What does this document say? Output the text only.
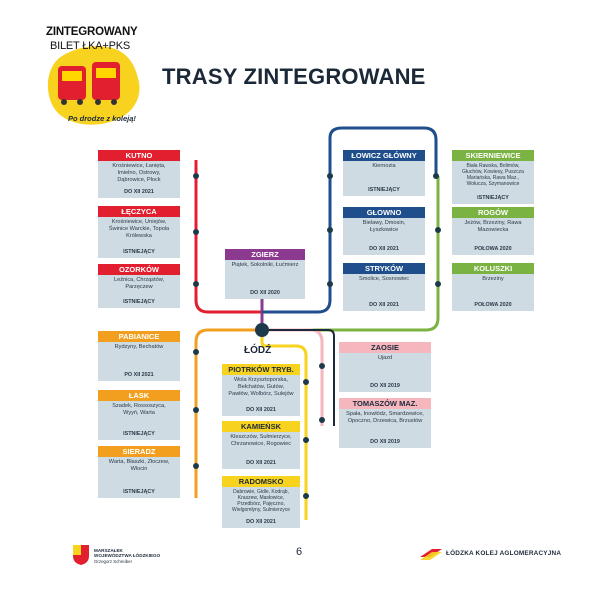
ZINTEGROWANY
BILET ŁKA+PKS
Po drodze z koleją!
TRASY ZINTEGROWANE
ŁÓDŹ
KUTNO
Krośniewice, Łanięta, Imielno, Ostrowy, Dąbrowice, Płock
DO XII 2021
ŁĘCZYCA
Krośniewice, Uniejów, Świnice Warckie, Topola Królewska
ISTNIEJĄCY
OZORKÓW
Leźnica, Chrząstów, Parzęczew
ISTNIEJĄCY
ZGIERZ
Piątek, Sokolniki, Łućmierz
DO XII 2020
ŁOWICZ GŁÓWNY
Kiernozia
ISTNIEJĄCY
GŁOWNO
Bielawy, Dmosin, Łyszkowice
DO XII 2021
STRYKÓW
Smolice, Sosnowiec
DO XII 2021
SKIERNIEWICE
Biała Rawska, Bolimów, Głuchów, Kowiesy, Puszcza Mariańska, Rawa Maz., Wołucza, Szymanowice
ISTNIEJĄCY
ROGÓW
Jeżów, Brzeziny, Rawa Mazowiecka
POŁOWA 2020
KOLUSZKI
Brzeziny
POŁOWA 2020
PABIANICE
Rydzyny, Bechatów
PO XII 2021
ŁASK
Szadek, Rossoszyca, Wyyń, Warta
ISTNIEJĄCY
SIERADZ
Warta, Błaszki, Złoczew, Wlocin
ISTNIEJĄCY
PIOTRKÓW TRYB.
Wola Krzysztoporska, Bełchatów, Gutów, Pawłów, Wolbórz, Sulejów
DO XII 2021
KAMIEŃSK
Kleszczów, Sulmierzyce, Chrzanowice, Rogowiec
DO XII 2021
RADOMSKO
Dabrowie, Gidle, Kodrąb, Kraszew, Masłowice, Przedbórz, Pajęczno, Wielgomłyny, Sulmierzyce
DO XII 2021
ZAOSIE
Ujazd
DO XII 2019
TOMASZÓW MAZ.
Spała, Inowłódz, Smardzewice, Opoczno, Drzewica, Brzustów
DO XII 2019
MARSZAŁEK
WOJEWÓDZTWA ŁÓDZKIEGO
Grzegorz Schreiber
6	ŁÓDZKA KOLEJ AGLOMERACYJNA
